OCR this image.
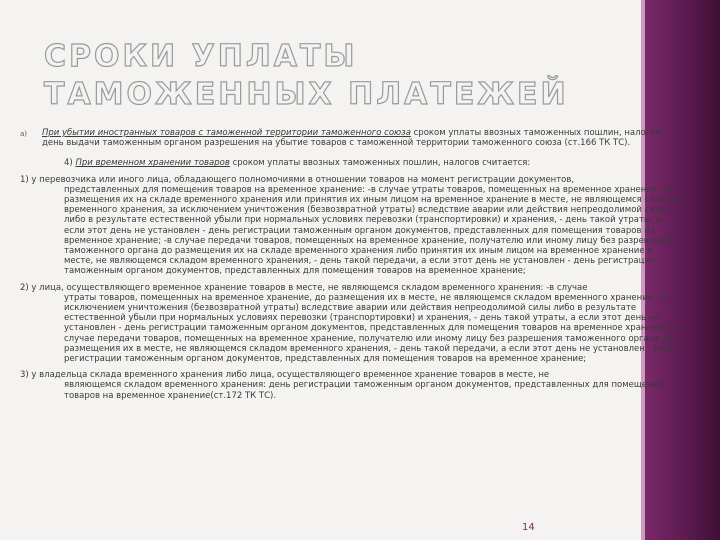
СРОКИ УПЛАТЫ ТАМОЖЕННЫХ ПЛАТЕЖЕЙ
a)	При убытии иностранных товаров с таможенной территории таможенного союза сроком уплаты ввозных таможенных пошлин, налогов, день выдачи таможенным органом разрешения на убытие товаров с таможенной территории таможенного союза (ст.166 ТК ТС).
4) При временном хранении товаров сроком уплаты ввозных таможенных пошлин, налогов считается:
1) у перевозчика или иного лица, обладающего полномочиями в отношении товаров на момент регистрации документов,
представленных для помещения товаров на временное хранение: -в случае утраты товаров, помещенных на временное хранение, до размещения их на складе временного хранения или принятия их иным лицом на временное хранение в месте, не являющемся складом временного хранения, за исключением уничтожения (безвозвратной утраты) вследствие аварии или действия непреодолимой силы либо в результате естественной убыли при нормальных условиях перевозки (транспортировки) и хранения, - день такой утраты, а если этот день не установлен - день регистрации таможенным органом документов, представленных для помещения товаров на временное хранение; -в случае передачи товаров, помещенных на временное хранение, получателю или иному лицу без разрешения таможенного органа до размещения их на складе временного хранения либо принятия их иным лицом на временное хранение в месте, не являющемся складом временного хранения, - день такой передачи, а если этот день не установлен - день регистрации таможенным органом документов, представленных для помещения товаров на временное хранение;
2) у лица, осуществляющего временное хранение товаров в месте, не являющемся складом временного хранения: -в случае
утраты товаров, помещенных на временное хранение, до размещения их в месте, не являющемся складом временного хранения, за исключением уничтожения (безвозвратной утраты) вследствие аварии или действия непреодолимой силы либо в результате естественной убыли при нормальных условиях перевозки (транспортировки) и хранения, - день такой утраты, а если этот день не установлен - день регистрации таможенным органом документов, представленных для помещения товаров на временное хранение; -в случае передачи товаров, помещенных на временное хранение, получателю или иному лицу без разрешения таможенного органа до размещения их в месте, не являющемся складом временного хранения, - день такой передачи, а если этот день не установлен - день регистрации таможенным органом документов, представленных для помещения товаров на временное хранение;
3) у владельца склада временного хранения либо лица, осуществляющего временное хранение товаров в месте, не
являющемся складом временного хранения: день регистрации таможенным органом документов, представленных для помещения товаров на временное хранение(ст.172 ТК ТС).
14
